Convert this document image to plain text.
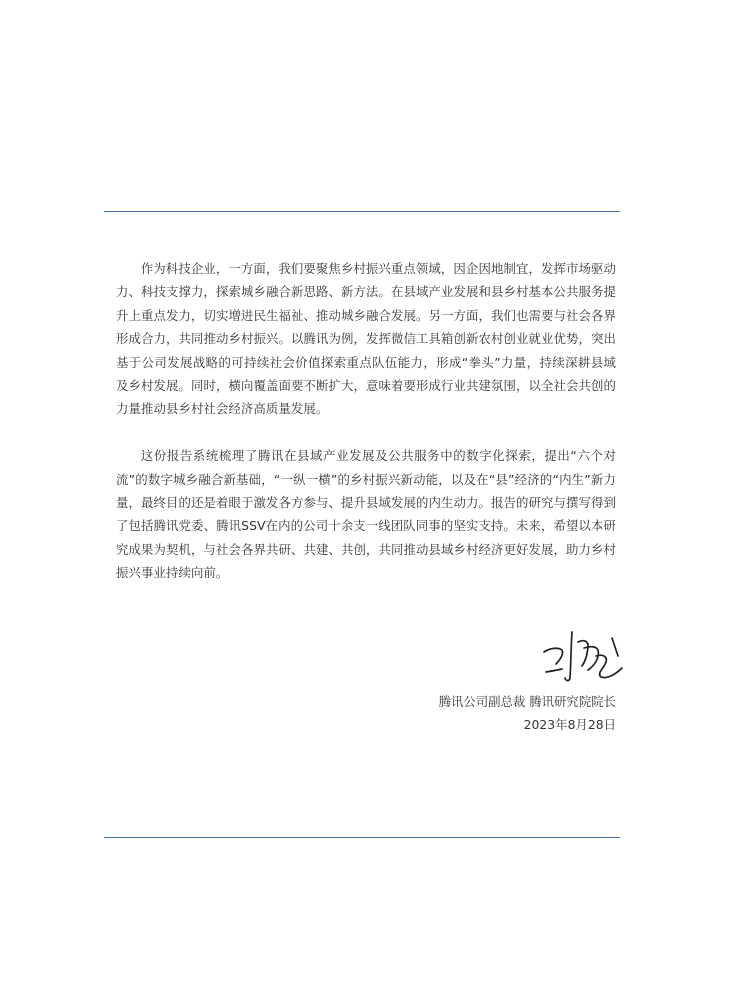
作为科技企业，一方面，我们要聚焦乡村振兴重点领域，因企因地制宜，发挥市场驱动力、科技支撑力，探索城乡融合新思路、新方法。在县域产业发展和县乡村基本公共服务提升上重点发力，切实增进民生福祉、推动城乡融合发展。另一方面，我们也需要与社会各界形成合力，共同推动乡村振兴。以腾讯为例，发挥微信工具箱创新农村创业就业优势，突出基于公司发展战略的可持续社会价值探索重点队伍能力，形成“拳头”力量，持续深耕县域及乡村发展。同时，横向覆盖面要不断扩大，意味着要形成行业共建氛围，以全社会共创的力量推动县乡村社会经济高质量发展。

这份报告系统梳理了腾讯在县域产业发展及公共服务中的数字化探索，提出“六个对流”的数字城乡融合新基础，“一纵一横”的乡村振兴新动能，以及在“县”经济的“内生”新力量，最终目的还是着眼于激发各方参与、提升县域发展的内生动力。报告的研究与撰写得到了包括腾讯党委、腾讯SSV在内的公司十余支一线团队同事的坚实支持。未来，希望以本研究成果为契机，与社会各界共研、共建、共创，共同推动县域乡村经济更好发展，助力乡村振兴事业持续向前。

腾讯公司副总裁 腾讯研究院院长
2023年8月28日
